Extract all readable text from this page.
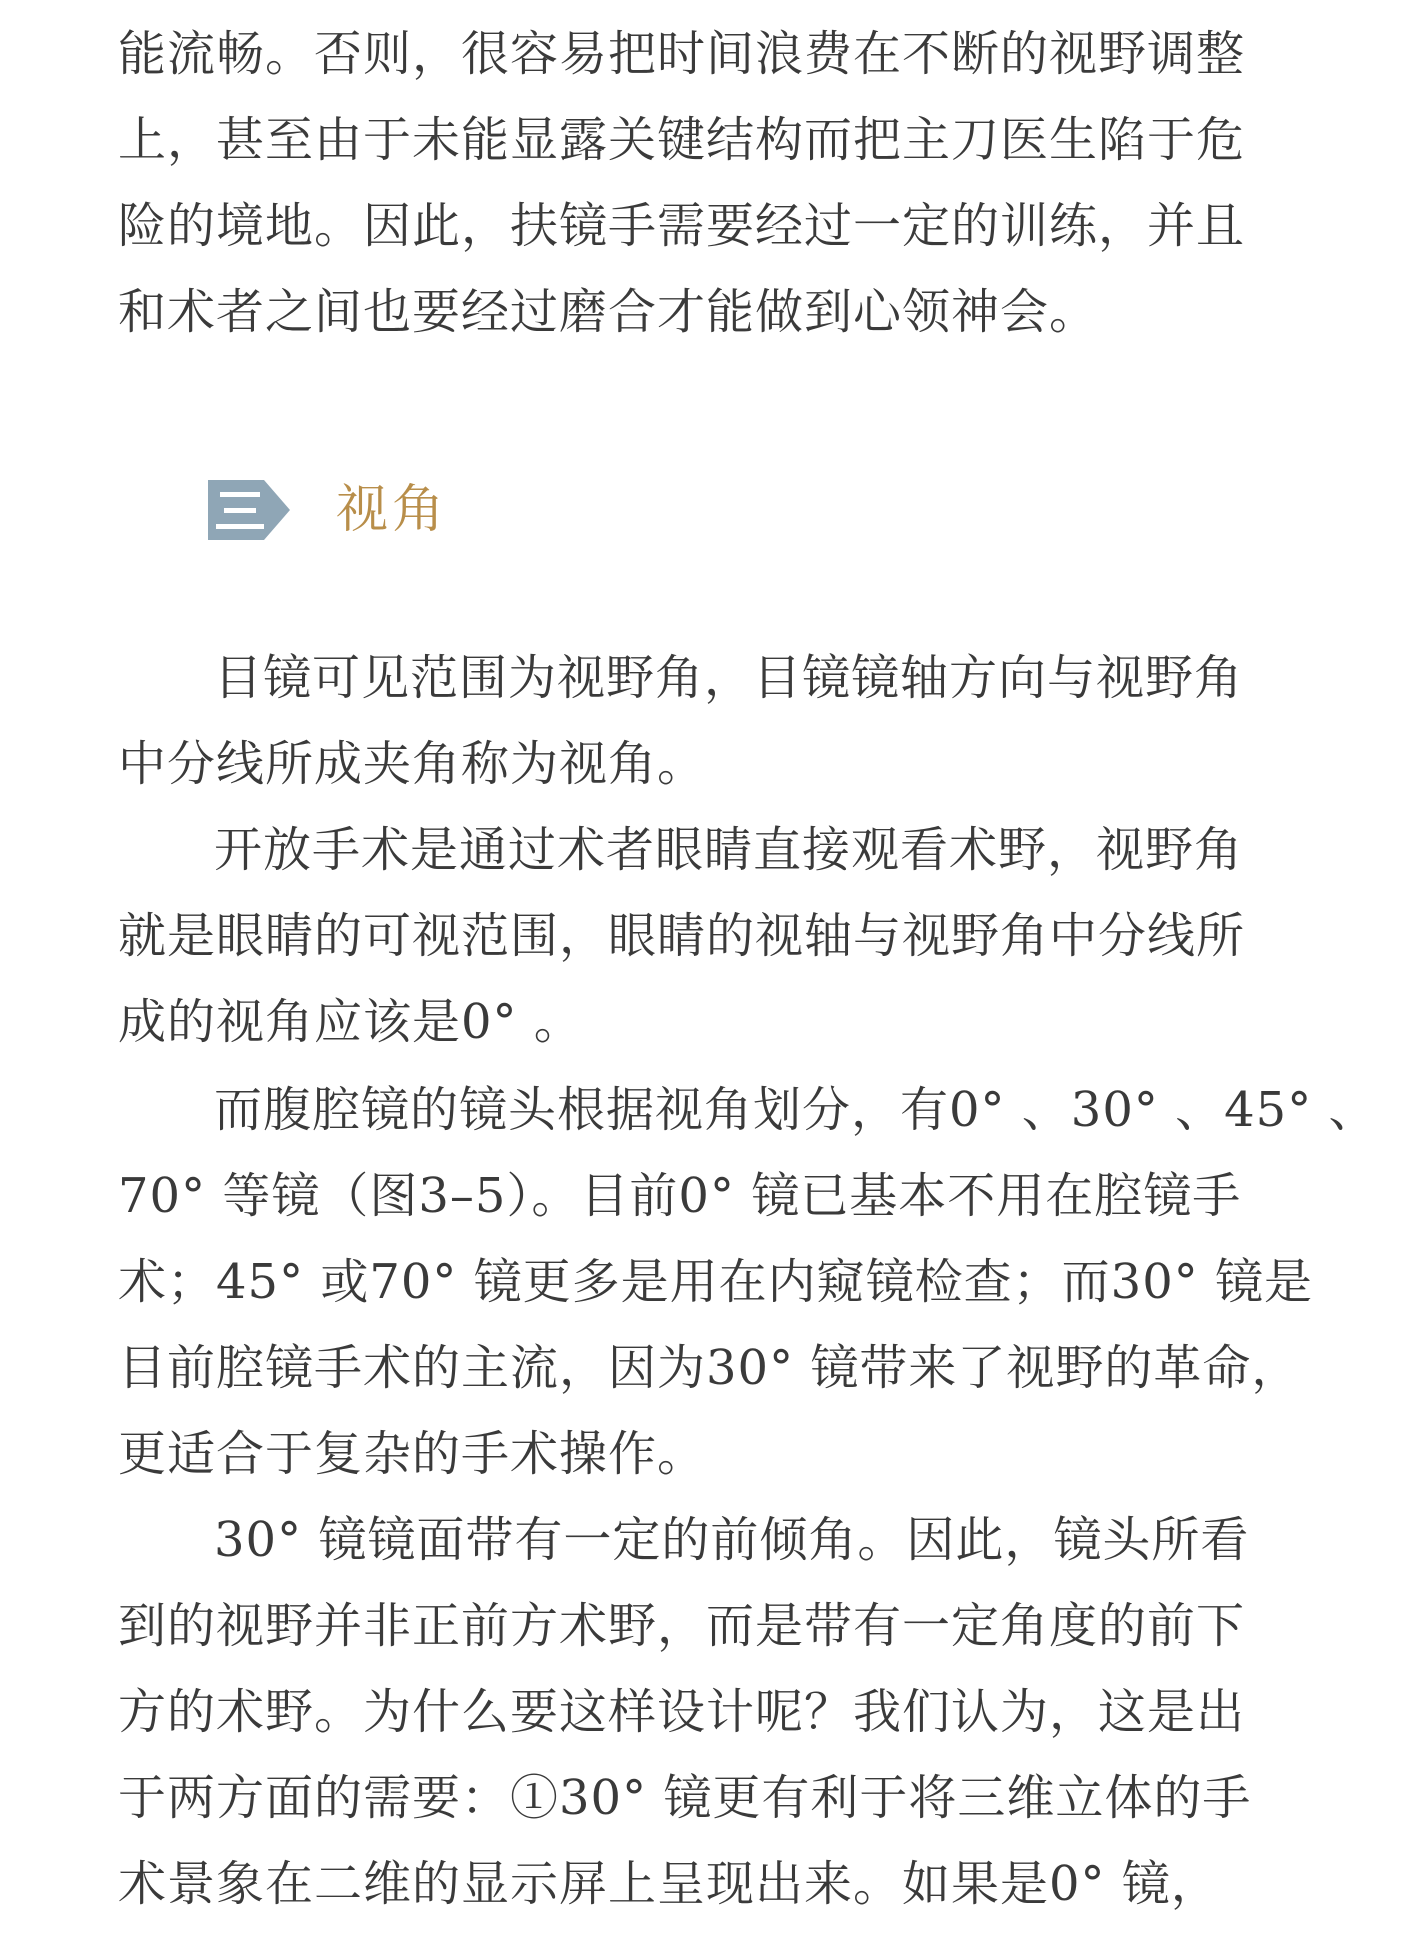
能流畅。否则，很容易把时间浪费在不断的视野调整
上，甚至由于未能显露关键结构而把主刀医生陷于危
险的境地。因此，扶镜手需要经过一定的训练，并且
和术者之间也要经过磨合才能做到心领神会。
视角
目镜可见范围为视野角，目镜镜轴方向与视野角
中分线所成夹角称为视角。
开放手术是通过术者眼睛直接观看术野，视野角
就是眼睛的可视范围，眼睛的视轴与视野角中分线所
成的视角应该是0° 。
而腹腔镜的镜头根据视角划分，有0° 、30° 、45° 、
70° 等镜（图3–5）。目前0° 镜已基本不用在腔镜手
术；45° 或70° 镜更多是用在内窥镜检查；而30° 镜是
目前腔镜手术的主流，因为30° 镜带来了视野的革命，
更适合于复杂的手术操作。
30° 镜镜面带有一定的前倾角。因此，镜头所看
到的视野并非正前方术野，而是带有一定角度的前下
方的术野。为什么要这样设计呢？我们认为，这是出
于两方面的需要：①30° 镜更有利于将三维立体的手
术景象在二维的显示屏上呈现出来。如果是0° 镜，
